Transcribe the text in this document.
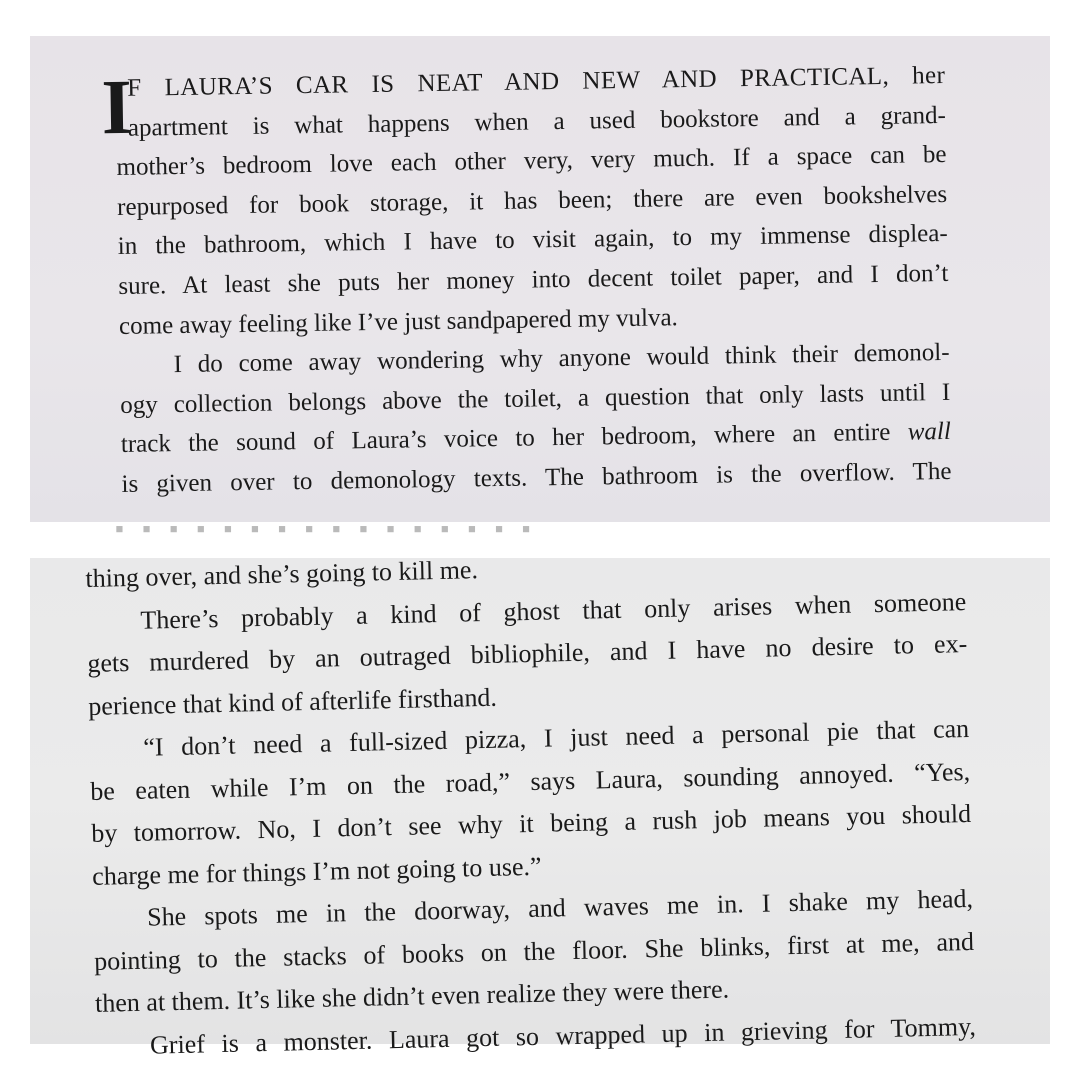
I
F LAURA’S CAR IS NEAT AND NEW AND PRACTICAL, her
apartment is what happens when a used bookstore and a grand-
mother’s bedroom love each other very, very much. If a space can be
repurposed for book storage, it has been; there are even bookshelves
in the bathroom, which I have to visit again, to my immense displea-
sure. At least she puts her money into decent toilet paper, and I don’t
come away feeling like I’ve just sandpapered my vulva.
I do come away wondering why anyone would think their demonol-
ogy collection belongs above the toilet, a question that only lasts until I
track the sound of Laura’s voice to her bedroom, where an entire wall
is given over to demonology texts. The bathroom is the overflow. The
▪ ▪ ▪ ▪ ▪ ▪ ▪ ▪ ▪ ▪ ▪ ▪ ▪ ▪ ▪ ▪
thing over, and she’s going to kill me.
There’s probably a kind of ghost that only arises when someone
gets murdered by an outraged bibliophile, and I have no desire to ex-
perience that kind of afterlife firsthand.
“I don’t need a full-sized pizza, I just need a personal pie that can
be eaten while I’m on the road,” says Laura, sounding annoyed. “Yes,
by tomorrow. No, I don’t see why it being a rush job means you should
charge me for things I’m not going to use.”
She spots me in the doorway, and waves me in. I shake my head,
pointing to the stacks of books on the floor. She blinks, first at me, and
then at them. It’s like she didn’t even realize they were there.
Grief is a monster. Laura got so wrapped up in grieving for Tommy,
